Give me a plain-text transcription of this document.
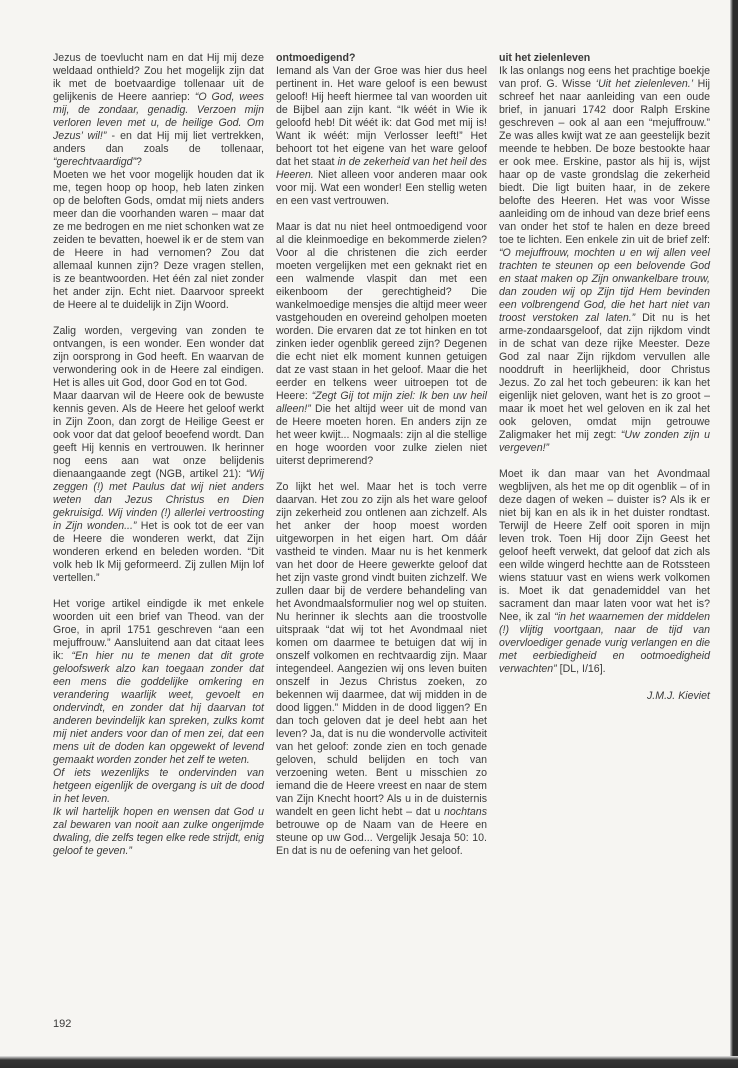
Jezus de toevlucht nam en dat Hij mij deze weldaad onthield? Zou het mogelijk zijn dat ik met de boetvaardige tollenaar uit de gelijkenis de Heere aanriep: “O God, wees mij, de zondaar, genadig. Verzoen mijn verloren leven met u, de heilige God. Om Jezus’ wil!” - en dat Hij mij liet vertrekken, anders dan zoals de tollenaar, “gerechtvaardigd”?

Moeten we het voor mogelijk houden dat ik me, tegen hoop op hoop, heb laten zinken op de beloften Gods, omdat mij niets anders meer dan die voorhanden waren – maar dat ze me bedrogen en me niet schonken wat ze zeiden te bevatten, hoewel ik er de stem van de Heere in had vernomen? Zou dat allemaal kunnen zijn? Deze vragen stellen, is ze beantwoorden. Het één zal niet zonder het ander zijn. Echt niet. Daarvoor spreekt de Heere al te duidelijk in Zijn Woord.

Zalig worden, vergeving van zonden te ontvangen, is een wonder. Een wonder dat zijn oorsprong in God heeft. En waarvan de verwondering ook in de Heere zal eindigen. Het is alles uit God, door God en tot God.

Maar daarvan wil de Heere ook de bewuste kennis geven. Als de Heere het geloof werkt in Zijn Zoon, dan zorgt de Heilige Geest er ook voor dat dat geloof beoefend wordt. Dan geeft Hij kennis en vertrouwen. Ik herinner nog eens aan wat onze belijdenis dienaangaande zegt (NGB, artikel 21): “Wij zeggen (!) met Paulus dat wij niet anders weten dan Jezus Christus en Dien gekruisigd. Wij vinden (!) allerlei vertroosting in Zijn wonden...” Het is ook tot de eer van de Heere die wonderen werkt, dat Zijn wonderen erkend en beleden worden. “Dit volk heb Ik Mij geformeerd. Zij zullen Mijn lof vertellen.”

Het vorige artikel eindigde ik met enkele woorden uit een brief van Theod. van der Groe, in april 1751 geschreven “aan een mejuffrouw.” Aansluitend aan dat citaat lees ik: “En hier nu te menen dat dit grote geloofswerk alzo kan toegaan zonder dat een mens die goddelijke omkering en verandering waarlijk weet, gevoelt en ondervindt, en zonder dat hij daarvan tot anderen bevindelijk kan spreken, zulks komt mij niet anders voor dan of men zei, dat een mens uit de doden kan opgewekt of levend gemaakt worden zonder het zelf te weten.

Of iets wezenlijks te ondervinden van hetgeen eigenlijk de overgang is uit de dood in het leven.

Ik wil hartelijk hopen en wensen dat God u zal bewaren van nooit aan zulke ongerijmde dwaling, die zelfs tegen elke rede strijdt, enig geloof te geven.”

ontmoedigend?

Iemand als Van der Groe was hier dus heel pertinent in. Het ware geloof is een bewust geloof! Hij heeft hiermee tal van woorden uit de Bijbel aan zijn kant. “Ik wéét in Wie ik geloofd heb! Dit wéét ik: dat God met mij is! Want ik wéét: mijn Verlosser leeft!” Het behoort tot het eigene van het ware geloof dat het staat in de zekerheid van het heil des Heeren. Niet alleen voor anderen maar ook voor mij. Wat een wonder! Een stellig weten en een vast vertrouwen.

Maar is dat nu niet heel ontmoedigend voor al die kleinmoedige en bekommerde zielen? Voor al die christenen die zich eerder moeten vergelijken met een geknakt riet en een walmende vlaspit dan met een eikenboom der gerechtigheid? Die wankelmoedige mensjes die altijd meer weer vastgehouden en overeind geholpen moeten worden. Die ervaren dat ze tot hinken en tot zinken ieder ogenblik gereed zijn? Degenen die echt niet elk moment kunnen getuigen dat ze vast staan in het geloof. Maar die het eerder en telkens weer uitroepen tot de Heere: “Zegt Gij tot mijn ziel: Ik ben uw heil alleen!” Die het altijd weer uit de mond van de Heere moeten horen. En anders zijn ze het weer kwijt... Nogmaals: zijn al die stellige en hoge woorden voor zulke zielen niet uiterst deprimerend?

Zo lijkt het wel. Maar het is toch verre daarvan. Het zou zo zijn als het ware geloof zijn zekerheid zou ontlenen aan zichzelf. Als het anker der hoop moest worden uitgeworpen in het eigen hart. Om dáár vastheid te vinden. Maar nu is het kenmerk van het door de Heere gewerkte geloof dat het zijn vaste grond vindt buiten zichzelf. We zullen daar bij de verdere behandeling van het Avondmaalsformulier nog wel op stuiten. Nu herinner ik slechts aan die troostvolle uitspraak “dat wij tot het Avondmaal niet komen om daarmee te betuigen dat wij in onszelf volkomen en rechtvaardig zijn. Maar integendeel. Aangezien wij ons leven buiten onszelf in Jezus Christus zoeken, zo bekennen wij daarmee, dat wij midden in de dood liggen.” Midden in de dood liggen? En dan toch geloven dat je deel hebt aan het leven? Ja, dat is nu die wondervolle activiteit van het geloof: zonde zien en toch genade geloven, schuld belijden en toch van verzoening weten. Bent u misschien zo iemand die de Heere vreest en naar de stem van Zijn Knecht hoort? Als u in de duisternis wandelt en geen licht hebt – dat u nochtans betrouwe op de Naam van de Heere en steune op uw God... Vergelijk Jesaja 50: 10. En dat is nu de oefening van het geloof.

uit het zielenleven

Ik las onlangs nog eens het prachtige boekje van prof. G. Wisse ‘Uit het zielenleven.’ Hij schreef het naar aanleiding van een oude brief, in januari 1742 door Ralph Erskine geschreven – ook al aan een “mejuffrouw.” Ze was alles kwijt wat ze aan geestelijk bezit meende te hebben. De boze bestookte haar er ook mee. Erskine, pastor als hij is, wijst haar op de vaste grondslag die zekerheid biedt. Die ligt buiten haar, in de zekere belofte des Heeren. Het was voor Wisse aanleiding om de inhoud van deze brief eens van onder het stof te halen en deze breed toe te lichten. Een enkele zin uit de brief zelf: “O mejuffrouw, mochten u en wij allen veel trachten te steunen op een belovende God en staat maken op Zijn onwankelbare trouw, dan zouden wij op Zijn tijd Hem bevinden een volbrengend God, die het hart niet van troost verstoken zal laten.” Dit nu is het arme-zondaarsgeloof, dat zijn rijkdom vindt in de schat van deze rijke Meester. Deze God zal naar Zijn rijkdom vervullen alle nooddruft in heerlijkheid, door Christus Jezus. Zo zal het toch gebeuren: ik kan het eigenlijk niet geloven, want het is zo groot – maar ik moet het wel geloven en ik zal het ook geloven, omdat mijn getrouwe Zaligmaker het mij zegt: “Uw zonden zijn u vergeven!”

Moet ik dan maar van het Avondmaal wegblijven, als het me op dit ogenblik – of in deze dagen of weken – duister is? Als ik er niet bij kan en als ik in het duister rondtast. Terwijl de Heere Zelf ooit sporen in mijn leven trok. Toen Hij door Zijn Geest het geloof heeft verwekt, dat geloof dat zich als een wilde wingerd hechtte aan de Rotssteen wiens statuur vast en wiens werk volkomen is. Moet ik dat genademiddel van het sacrament dan maar laten voor wat het is? Nee, ik zal “in het waarnemen der middelen (!) vlijtig voortgaan, naar de tijd van overvloediger genade vurig verlangen en die met eerbiedigheid en ootmoedigheid verwachten” [DL, I/16].

J.M.J. Kieviet

192
